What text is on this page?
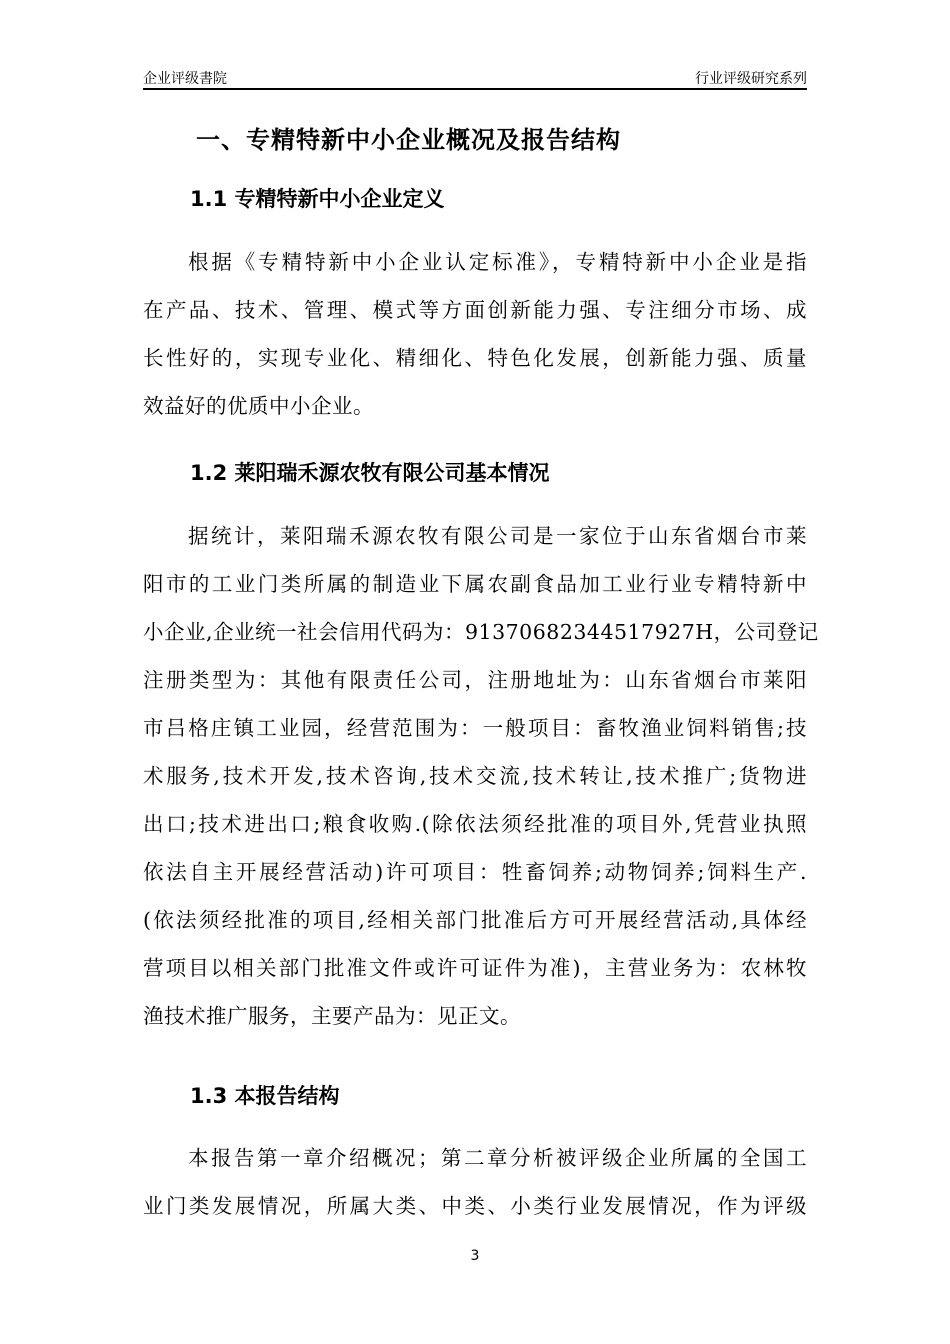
企业评级書院	行业评级研究系列
一、专精特新中小企业概况及报告结构
1.1 专精特新中小企业定义
根据《专精特新中小企业认定标准》，专精特新中小企业是指
在产品、技术、管理、模式等方面创新能力强、专注细分市场、成
长性好的，实现专业化、精细化、特色化发展，创新能力强、质量
效益好的优质中小企业。
1.2 莱阳瑞禾源农牧有限公司基本情况
据统计，莱阳瑞禾源农牧有限公司是一家位于山东省烟台市莱
阳市的工业门类所属的制造业下属农副食品加工业行业专精特新中
小企业,企业统一社会信用代码为：91370682344517927H，公司登记
注册类型为：其他有限责任公司，注册地址为：山东省烟台市莱阳
市吕格庄镇工业园，经营范围为：一般项目：畜牧渔业饲料销售;技
术服务,技术开发,技术咨询,技术交流,技术转让,技术推广;货物进
出口;技术进出口;粮食收购.(除依法须经批准的项目外,凭营业执照
依法自主开展经营活动)许可项目：牲畜饲养;动物饲养;饲料生产.
(依法须经批准的项目,经相关部门批准后方可开展经营活动,具体经
营项目以相关部门批准文件或许可证件为准)，主营业务为：农林牧
渔技术推广服务，主要产品为：见正文。
1.3 本报告结构
本报告第一章介绍概况；第二章分析被评级企业所属的全国工
业门类发展情况，所属大类、中类、小类行业发展情况，作为评级
3
